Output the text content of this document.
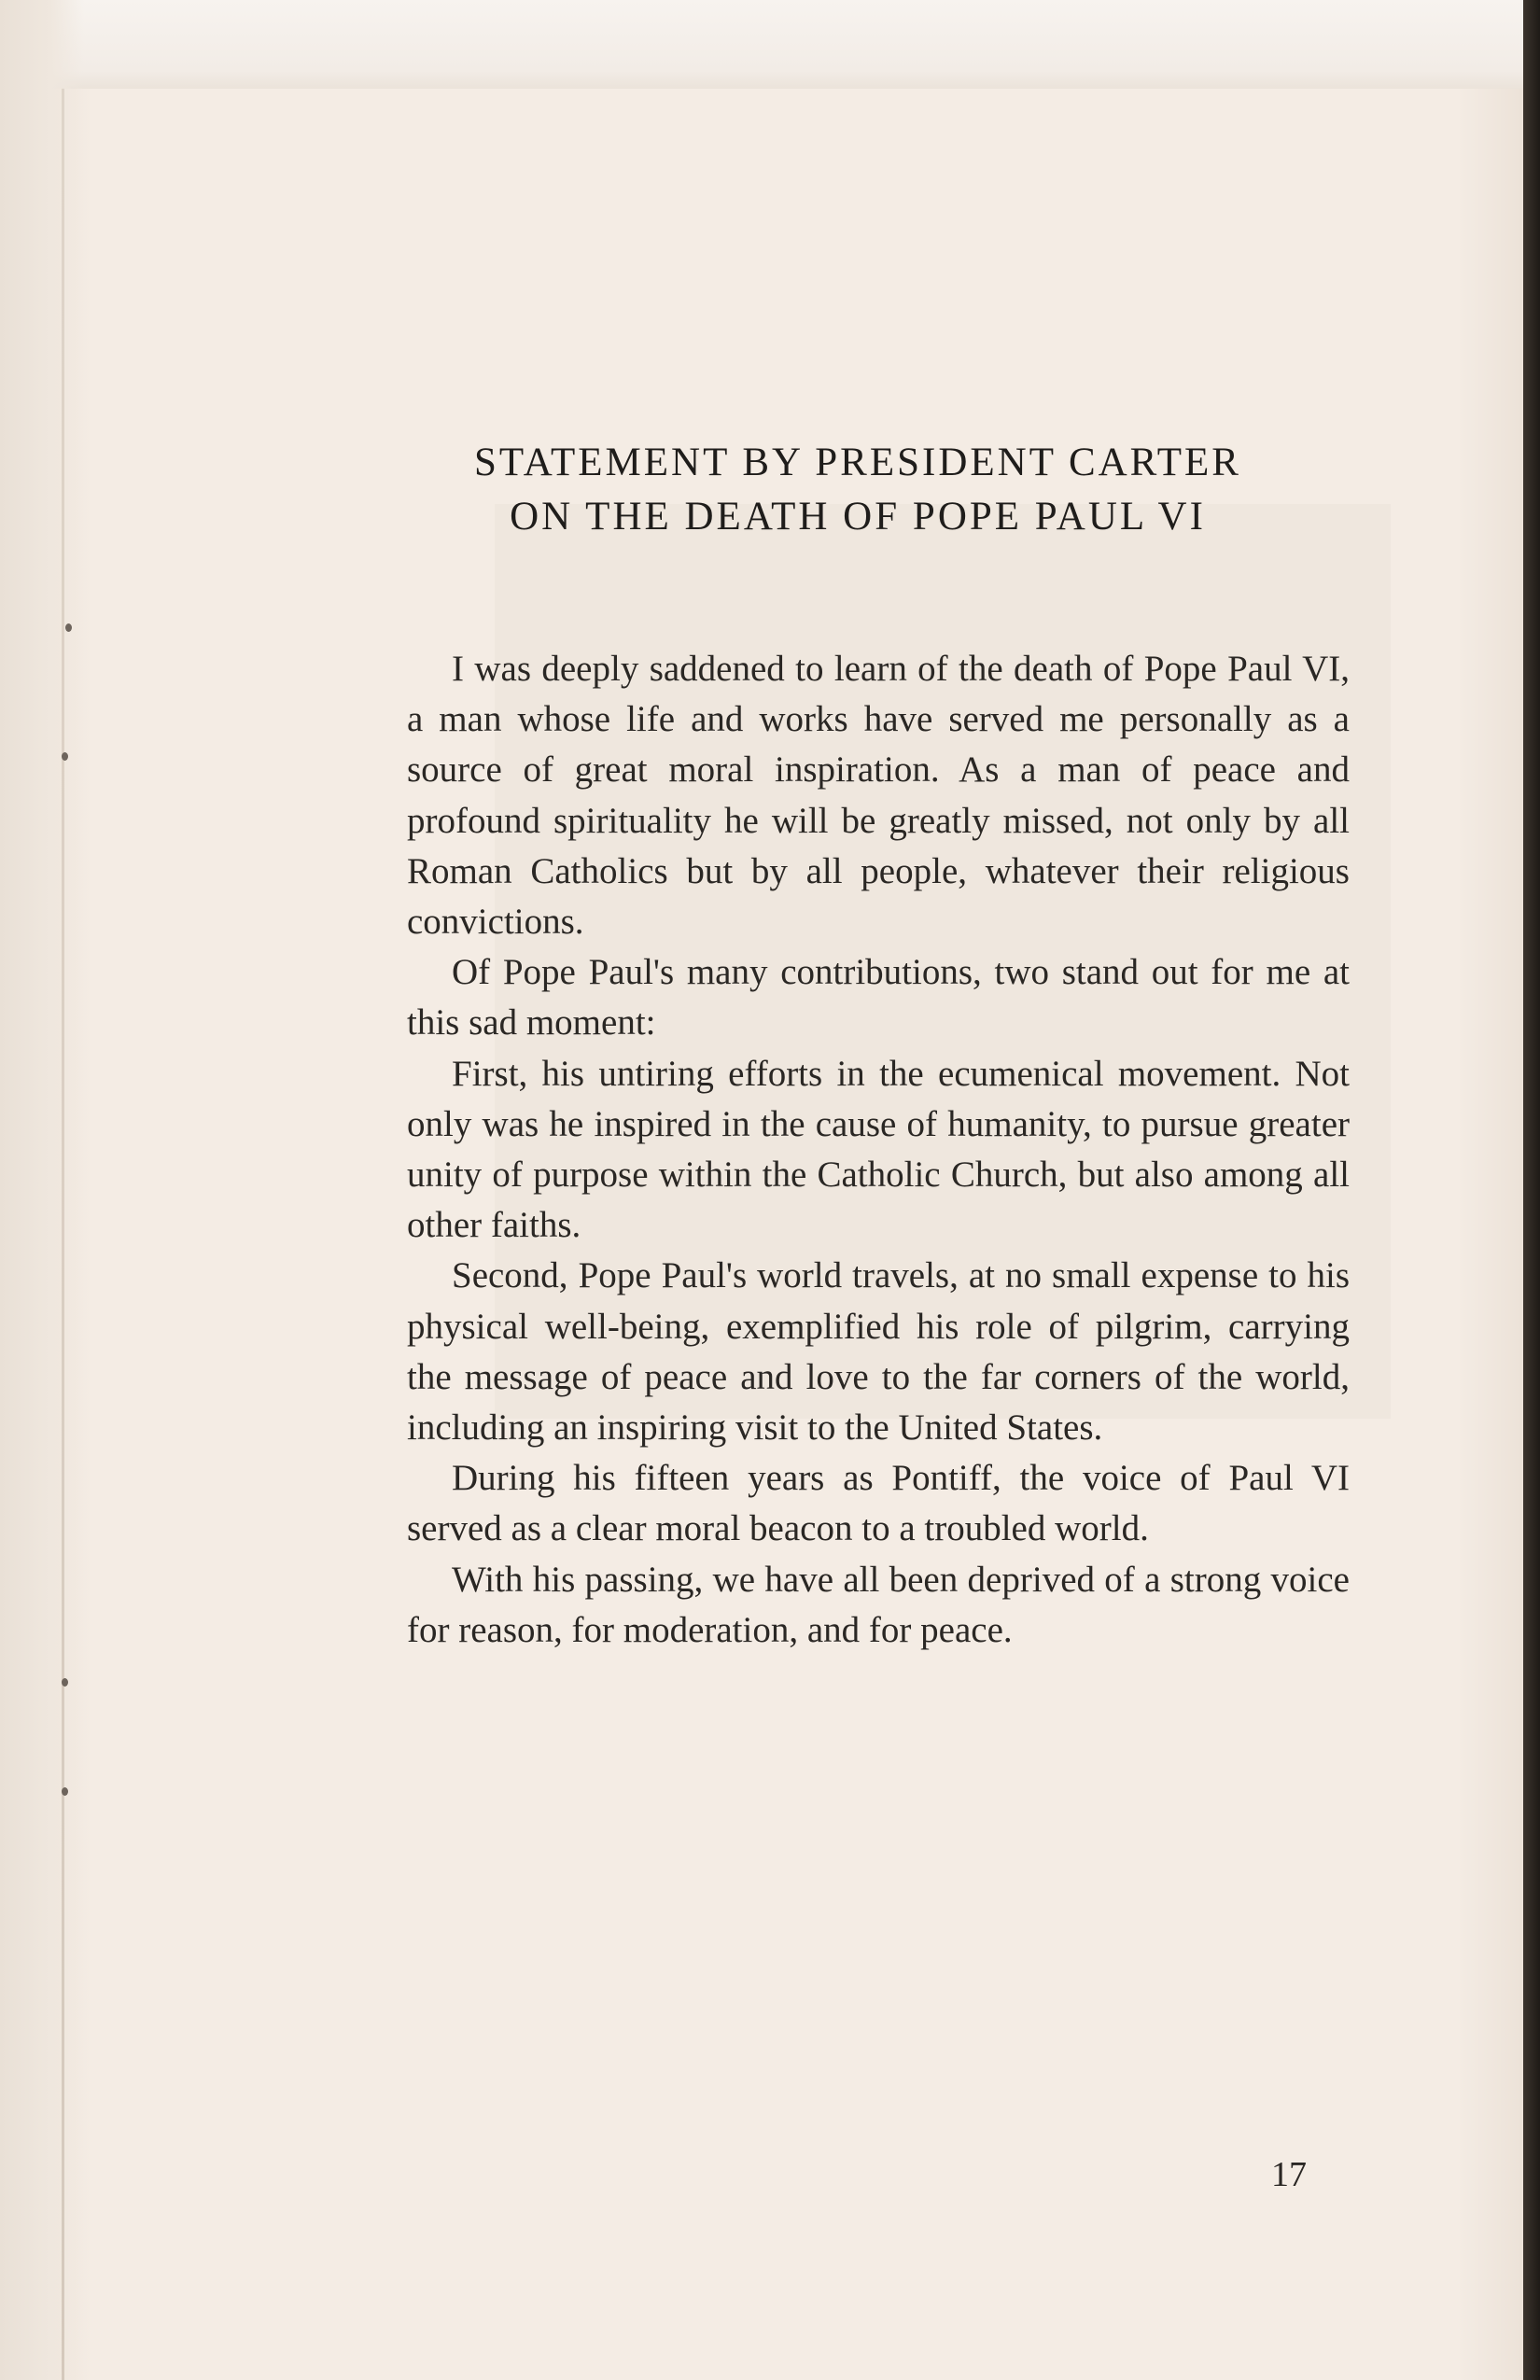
STATEMENT BY PRESIDENT CARTER
ON THE DEATH OF POPE PAUL VI

I was deeply saddened to learn of the death of Pope Paul VI, a man whose life and works have served me personally as a source of great moral inspiration. As a man of peace and profound spirituality he will be greatly missed, not only by all Roman Catholics but by all people, whatever their religious convictions.

Of Pope Paul's many contributions, two stand out for me at this sad moment:

First, his untiring efforts in the ecumenical movement. Not only was he inspired in the cause of humanity, to pursue greater unity of purpose within the Catholic Church, but also among all other faiths.

Second, Pope Paul's world travels, at no small expense to his physical well-being, exemplified his role of pilgrim, carrying the message of peace and love to the far corners of the world, including an inspiring visit to the United States.

During his fifteen years as Pontiff, the voice of Paul VI served as a clear moral beacon to a troubled world.

With his passing, we have all been deprived of a strong voice for reason, for moderation, and for peace.

17
